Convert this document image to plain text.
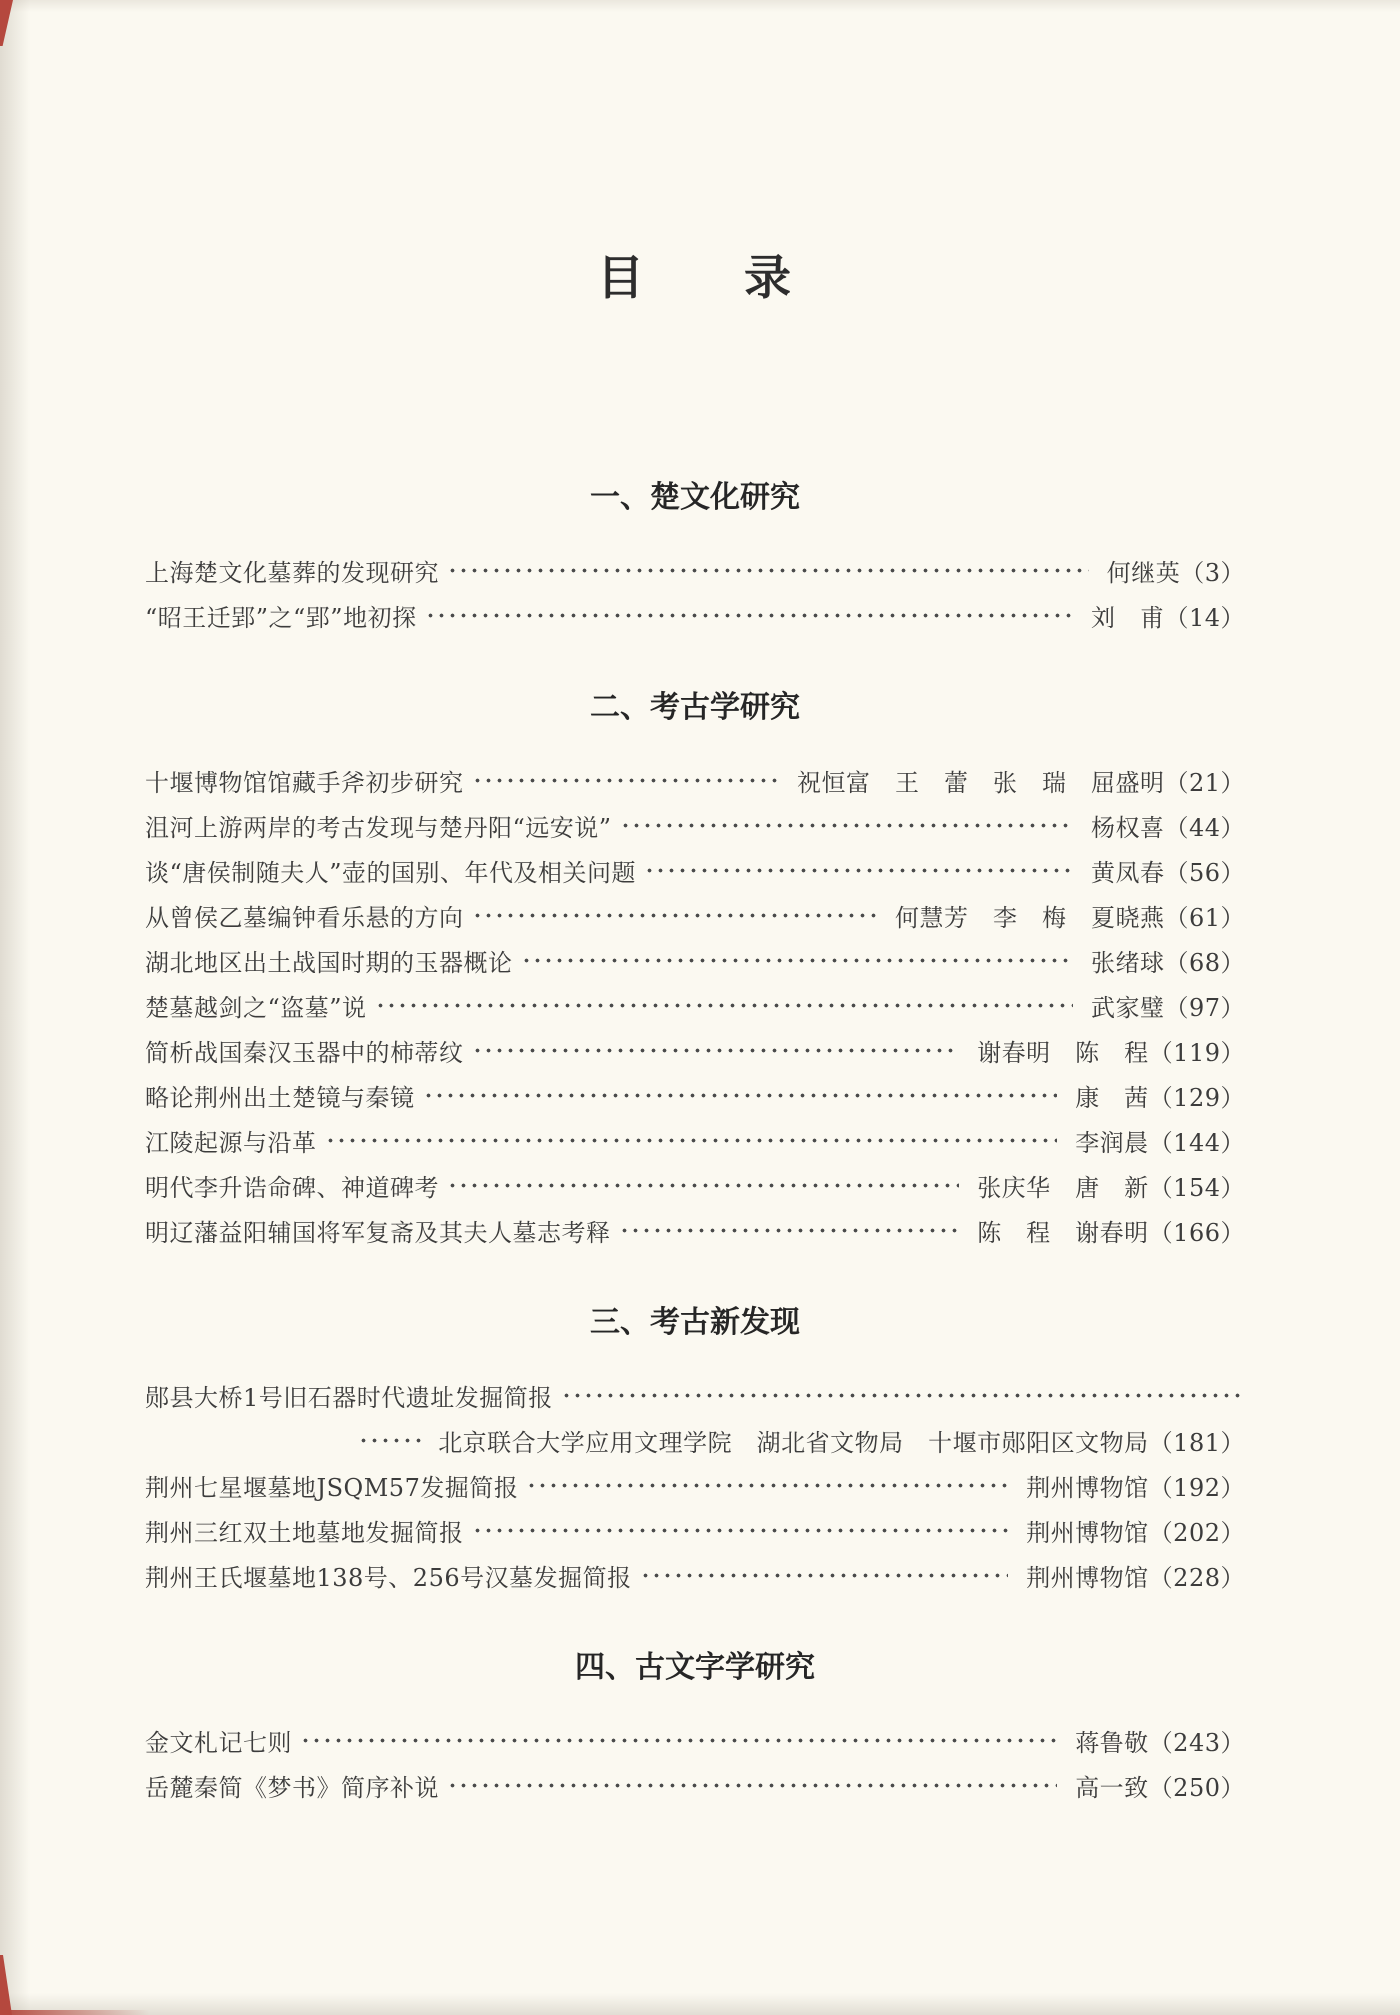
目　　录
一、楚文化研究
上海楚文化墓葬的发现研究	何继英 （3）
“昭王迁郢”之“郢”地初探	刘　甫 （14）
二、考古学研究
十堰博物馆馆藏手斧初步研究	祝恒富　王　蕾　张　瑞　屈盛明 （21）
沮河上游两岸的考古发现与楚丹阳“远安说”	杨权喜 （44）
谈“唐侯制随夫人”壶的国别、年代及相关问题	黄凤春 （56）
从曾侯乙墓编钟看乐悬的方向	何慧芳　李　梅　夏晓燕 （61）
湖北地区出土战国时期的玉器概论	张绪球 （68）
楚墓越剑之“盗墓”说	武家璧 （97）
简析战国秦汉玉器中的柿蒂纹	谢春明　陈　程 （119）
略论荆州出土楚镜与秦镜	康　茜 （129）
江陵起源与沿革	李润晨 （144）
明代李升诰命碑、神道碑考	张庆华　唐　新 （154）
明辽藩益阳辅国将军复斋及其夫人墓志考释	陈　程　谢春明 （166）
三、考古新发现
郧县大桥1号旧石器时代遗址发掘简报
北京联合大学应用文理学院　湖北省文物局　十堰市郧阳区文物局 （181）
荆州七星堰墓地JSQM57发掘简报	荆州博物馆 （192）
荆州三红双土地墓地发掘简报	荆州博物馆 （202）
荆州王氏堰墓地138号、256号汉墓发掘简报	荆州博物馆 （228）
四、古文字学研究
金文札记七则	蒋鲁敬 （243）
岳麓秦简《梦书》简序补说	高一致 （250）
